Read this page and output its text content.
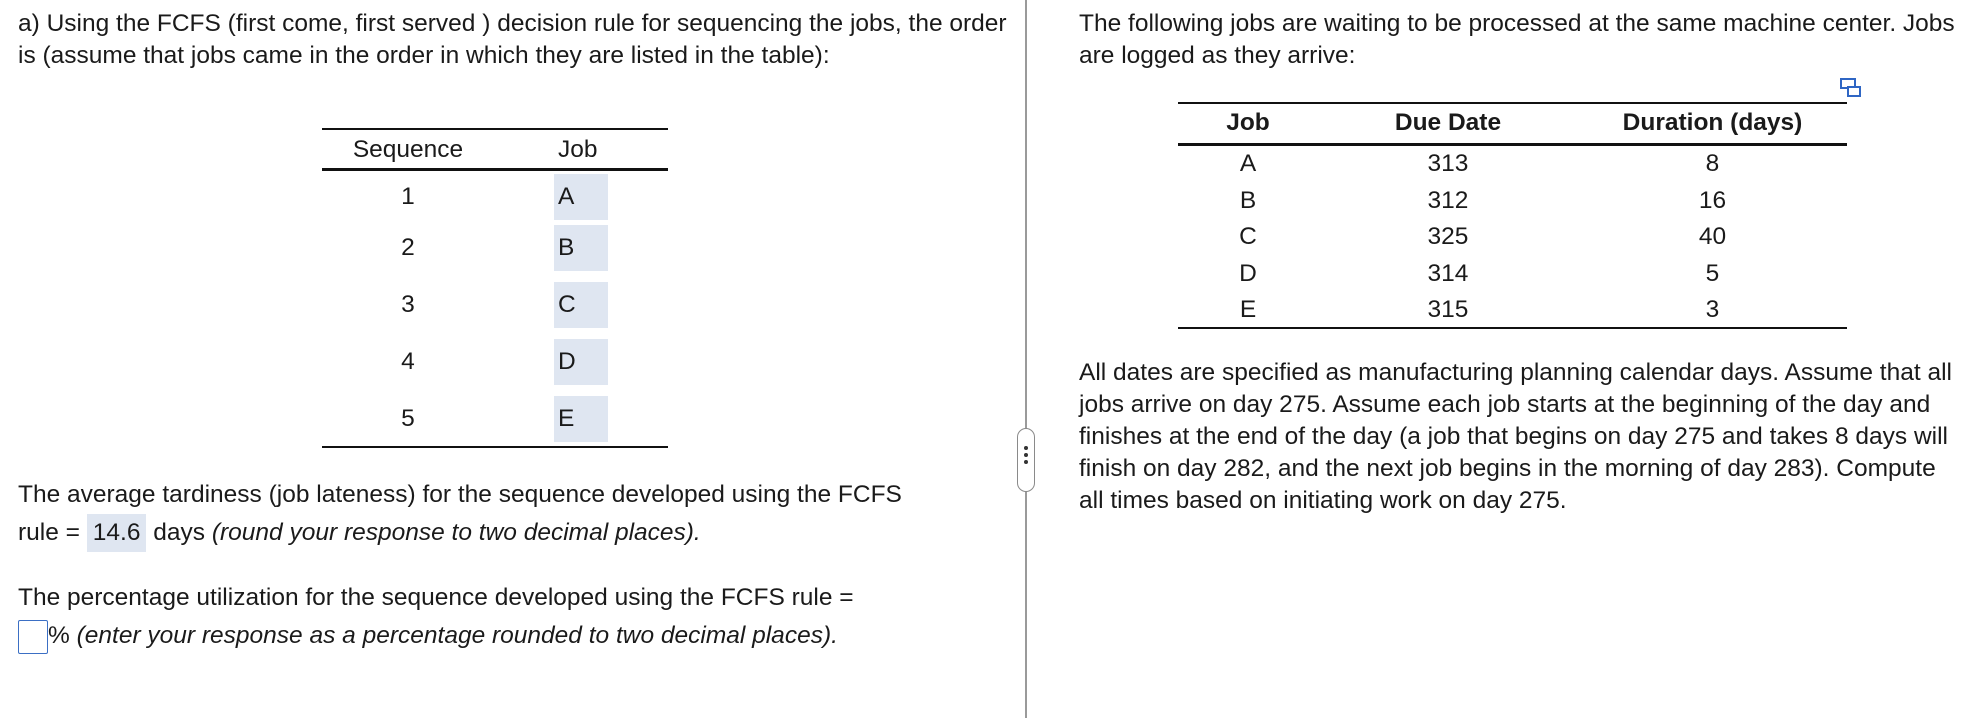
a) Using the FCFS (first come, first served ) decision rule for sequencing the jobs, the order is (assume that jobs came in the order in which they are listed in the table):
Sequence	Job
1	A
2	B
3	C
4	D
5	E
The average tardiness (job lateness) for the sequence developed using the FCFS
rule = 14.6 days (round your response to two decimal places).
The percentage utilization for the sequence developed using the FCFS rule =
% (enter your response as a percentage rounded to two decimal places).
The following jobs are waiting to be processed at the same machine center. Jobs are logged as they arrive:
Job	Due Date	Duration (days)
A	313	8
B	312	16
C	325	40
D	314	5
E	315	3
All dates are specified as manufacturing planning calendar days. Assume that all jobs arrive on day 275. Assume each job starts at the beginning of the day and finishes at the end of the day (a job that begins on day 275 and takes 8 days will finish on day 282, and the next job begins in the morning of day 283). Compute all times based on initiating work on day 275.
